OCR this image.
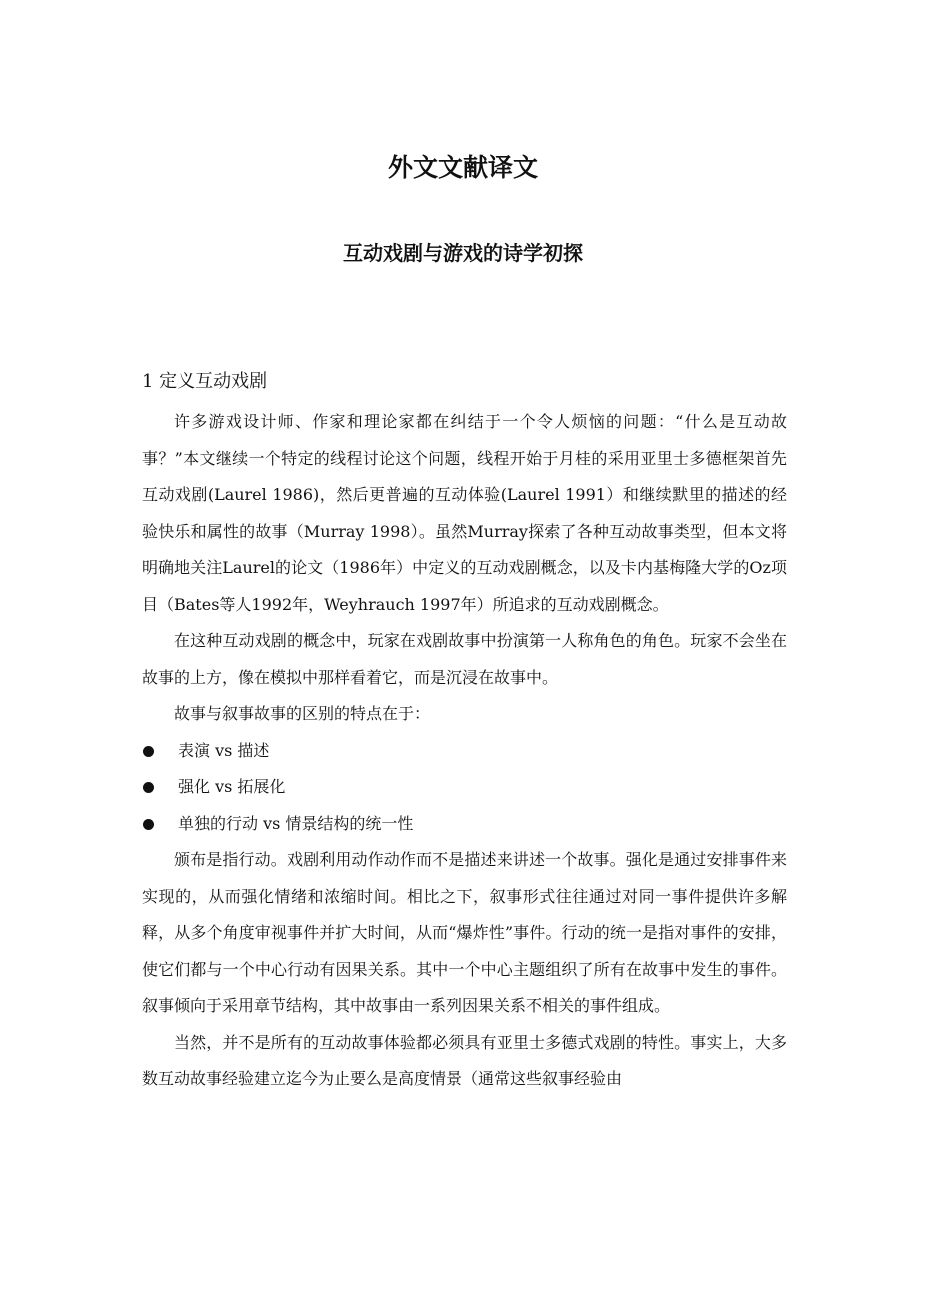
外文文献译文
互动戏剧与游戏的诗学初探
1 定义互动戏剧

许多游戏设计师、作家和理论家都在纠结于一个令人烦恼的问题：“什么是互动故事？”本文继续一个特定的线程讨论这个问题，线程开始于月桂的采用亚里士多德框架首先互动戏剧(Laurel 1986)，然后更普遍的互动体验(Laurel 1991）和继续默里的描述的经验快乐和属性的故事（Murray 1998）。虽然Murray探索了各种互动故事类型，但本文将明确地关注Laurel的论文（1986年）中定义的互动戏剧概念，以及卡内基梅隆大学的Oz项目（Bates等人1992年，Weyhrauch 1997年）所追求的互动戏剧概念。

在这种互动戏剧的概念中，玩家在戏剧故事中扮演第一人称角色的角色。玩家不会坐在故事的上方，像在模拟中那样看着它，而是沉浸在故事中。

故事与叙事故事的区别的特点在于：

表演 vs 描述
强化 vs 拓展化
单独的行动 vs 情景结构的统一性

颁布是指行动。戏剧利用动作动作而不是描述来讲述一个故事。强化是通过安排事件来实现的，从而强化情绪和浓缩时间。相比之下，叙事形式往往通过对同一事件提供许多解释，从多个角度审视事件并扩大时间，从而“爆炸性”事件。行动的统一是指对事件的安排，使它们都与一个中心行动有因果关系。其中一个中心主题组织了所有在故事中发生的事件。叙事倾向于采用章节结构，其中故事由一系列因果关系不相关的事件组成。

当然，并不是所有的互动故事体验都必须具有亚里士多德式戏剧的特性。事实上，大多数互动故事经验建立迄今为止要么是高度情景（通常这些叙事经验由
